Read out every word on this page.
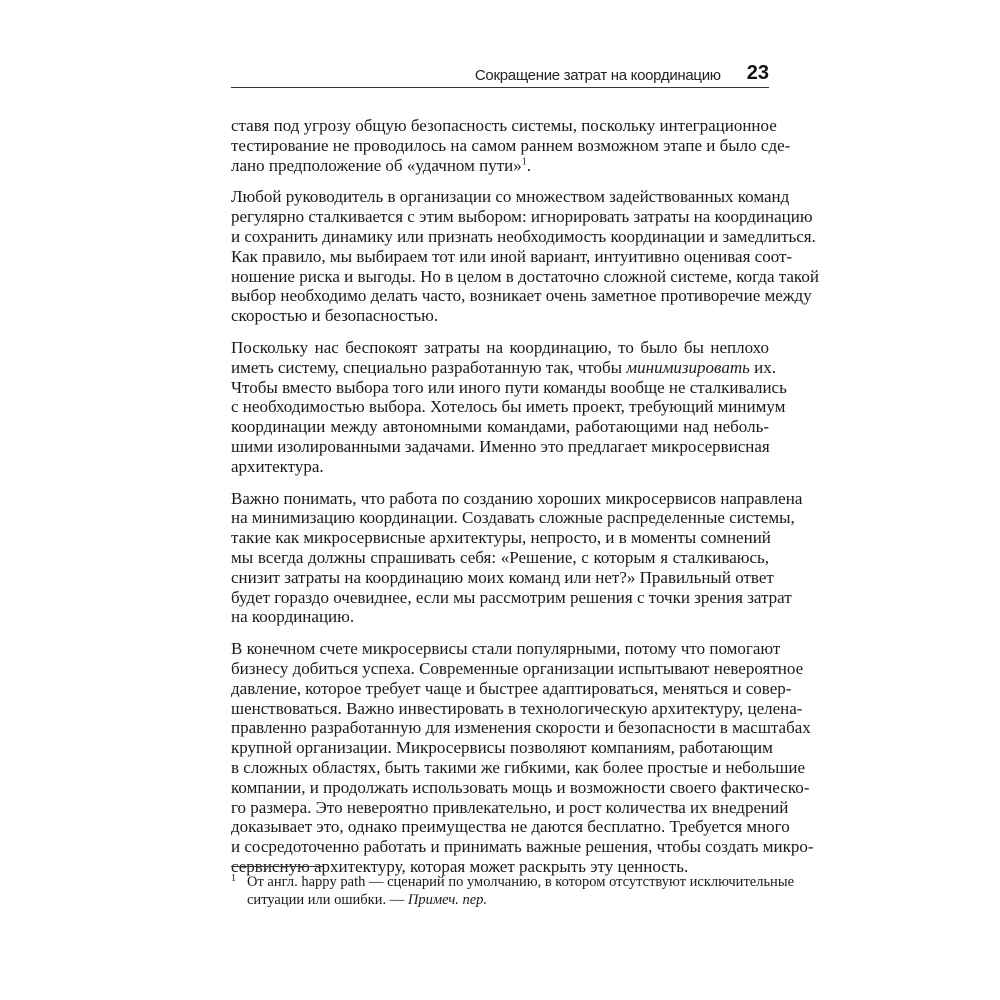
Сокращение затрат на координацию 23

ставя под угрозу общую безопасность системы, поскольку интеграционное
тестирование не проводилось на самом раннем возможном этапе и было сде-
лано предположение об «удачном пути»$^1$.

Любой руководитель в организации со множеством задействованных команд
регулярно сталкивается с этим выбором: игнорировать затраты на координацию
и сохранить динамику или признать необходимость координации и замедлиться.
Как правило, мы выбираем тот или иной вариант, интуитивно оценивая соот-
ношение риска и выгоды. Но в целом в достаточно сложной системе, когда такой
выбор необходимо делать часто, возникает очень заметное противоречие между
скоростью и безопасностью.

Поскольку нас беспокоят затраты на координацию, то было бы неплохо
иметь систему, специально разработанную так, чтобы минимизировать их.
Чтобы вместо выбора того или иного пути команды вообще не сталкивались
с необходимостью выбора. Хотелось бы иметь проект, требующий минимум
координации между автономными командами, работающими над неболь-
шими изолированными задачами. Именно это предлагает микросервисная
архитектура.

Важно понимать, что работа по созданию хороших микросервисов направлена
на минимизацию координации. Создавать сложные распределенные системы,
такие как микросервисные архитектуры, непросто, и в моменты сомнений
мы всегда должны спрашивать себя: «Решение, с которым я сталкиваюсь,
снизит затраты на координацию моих команд или нет?» Правильный ответ
будет гораздо очевиднее, если мы рассмотрим решения с точки зрения затрат
на координацию.

В конечном счете микросервисы стали популярными, потому что помогают
бизнесу добиться успеха. Современные организации испытывают невероятное
давление, которое требует чаще и быстрее адаптироваться, меняться и совер-
шенствоваться. Важно инвестировать в технологическую архитектуру, целена-
правленно разработанную для изменения скорости и безопасности в масштабах
крупной организации. Микросервисы позволяют компаниям, работающим
в сложных областях, быть такими же гибкими, как более простые и небольшие
компании, и продолжать использовать мощь и возможности своего фактическо-
го размера. Это невероятно привлекательно, и рост количества их внедрений
доказывает это, однако преимущества не даются бесплатно. Требуется много
и сосредоточенно работать и принимать важные решения, чтобы создать микро-
сервисную архитектуру, которая может раскрыть эту ценность.

1 От англ. happy path — сценарий по умолчанию, в котором отсутствуют исключительные
ситуации или ошибки. — Примеч. пер.
